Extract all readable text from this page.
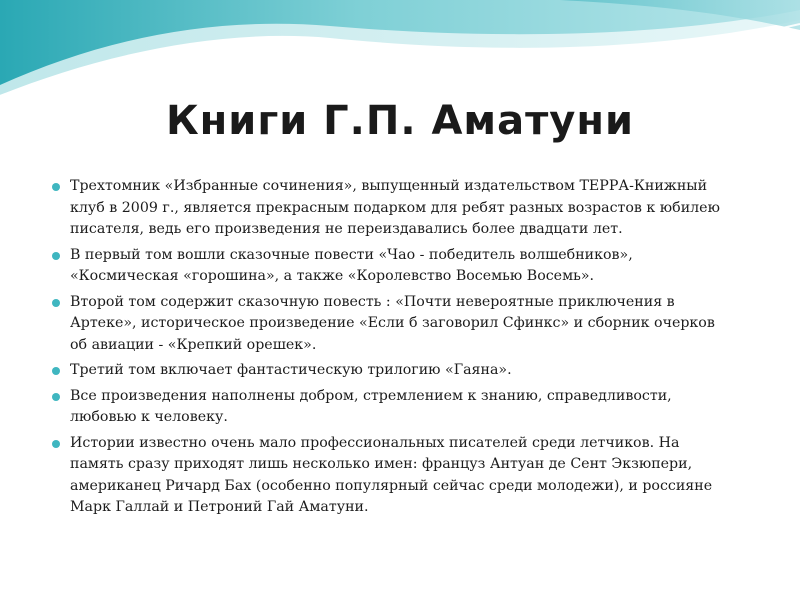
Книги Г.П. Аматуни
Трехтомник «Избранные сочинения», выпущенный издательством ТЕРРА-Книжный клуб в 2009 г., является прекрасным подарком для ребят разных возрастов к юбилею писателя, ведь его произведения не переиздавались более двадцати лет.
В первый том вошли сказочные повести «Чао - победитель волшебников», «Космическая «горошина», а также «Королевство Восемью Восемь».
Второй том содержит сказочную повесть : «Почти невероятные приключения в Артеке», историческое произведение «Если б заговорил Сфинкс» и сборник очерков об авиации - «Крепкий орешек».
Третий том включает фантастическую трилогию «Гаяна».
Все произведения наполнены добром, стремлением к знанию, справедливости, любовью к человеку.
Истории известно очень мало профессиональных писателей среди летчиков. На память сразу приходят лишь несколько имен: француз Антуан де Сент Экзюпери, американец Ричард Бах (особенно популярный сейчас среди молодежи), и россияне Марк Галлай и Петроний Гай Аматуни.
